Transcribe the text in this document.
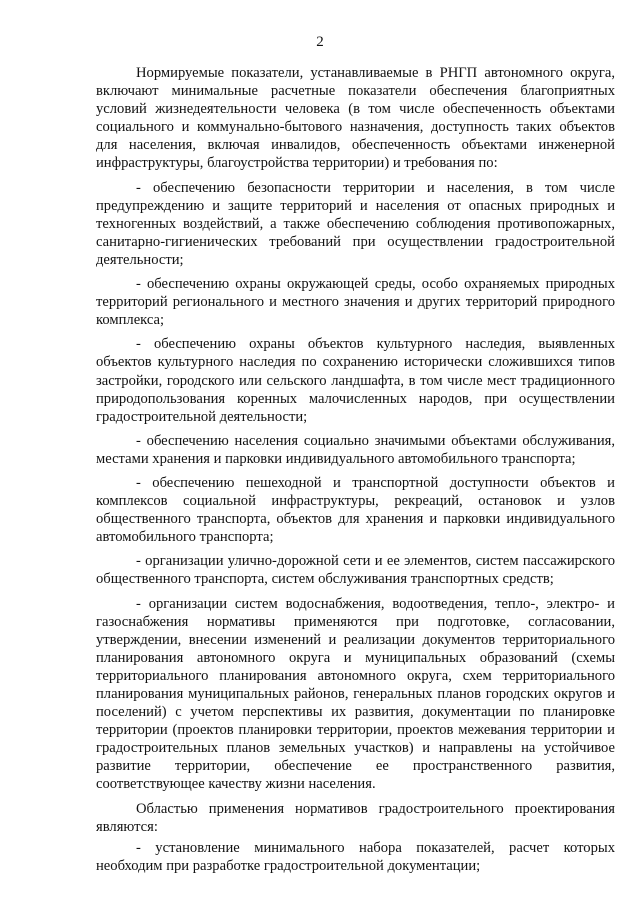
2

Нормируемые показатели, устанавливаемые в РНГП автономного округа, включают минимальные расчетные показатели обеспечения благоприятных условий жизнедеятельности человека (в том числе обеспеченность объектами социального и коммунально-бытового назначения, доступность таких объектов для населения, включая инвалидов, обеспеченность объектами инженерной инфраструктуры, благоустройства территории) и требования по:

- обеспечению безопасности территории и населения, в том числе предупреждению и защите территорий и населения от опасных природных и техногенных воздействий, а также обеспечению соблюдения противопожарных, санитарно-гигиенических требований при осуществлении градостроительной деятельности;

- обеспечению охраны окружающей среды, особо охраняемых природных территорий регионального и местного значения и других территорий природного комплекса;

- обеспечению охраны объектов культурного наследия, выявленных объектов культурного наследия по сохранению исторически сложившихся типов застройки, городского или сельского ландшафта, в том числе мест традиционного природопользования коренных малочисленных народов, при осуществлении градостроительной деятельности;

- обеспечению населения социально значимыми объектами обслуживания, местами хранения и парковки индивидуального автомобильного транспорта;

- обеспечению пешеходной и транспортной доступности объектов и комплексов социальной инфраструктуры, рекреаций, остановок и узлов общественного транспорта, объектов для хранения и парковки индивидуального автомобильного транспорта;

- организации улично-дорожной сети и ее элементов, систем пассажирского общественного транспорта, систем обслуживания транспортных средств;

- организации систем водоснабжения, водоотведения, тепло-, электро- и газоснабжения нормативы применяются при подготовке, согласовании, утверждении, внесении изменений и реализации документов территориального планирования автономного округа и муниципальных образований (схемы территориального планирования автономного округа, схем территориального планирования муниципальных районов, генеральных планов городских округов и поселений) с учетом перспективы их развития, документации по планировке территории (проектов планировки территории, проектов межевания территории и градостроительных планов земельных участков) и направлены на устойчивое развитие территории, обеспечение ее пространственного развития, соответствующее качеству жизни населения.

Областью применения нормативов градостроительного проектирования являются:

- установление минимального набора показателей, расчет которых необходим при разработке градостроительной документации;
